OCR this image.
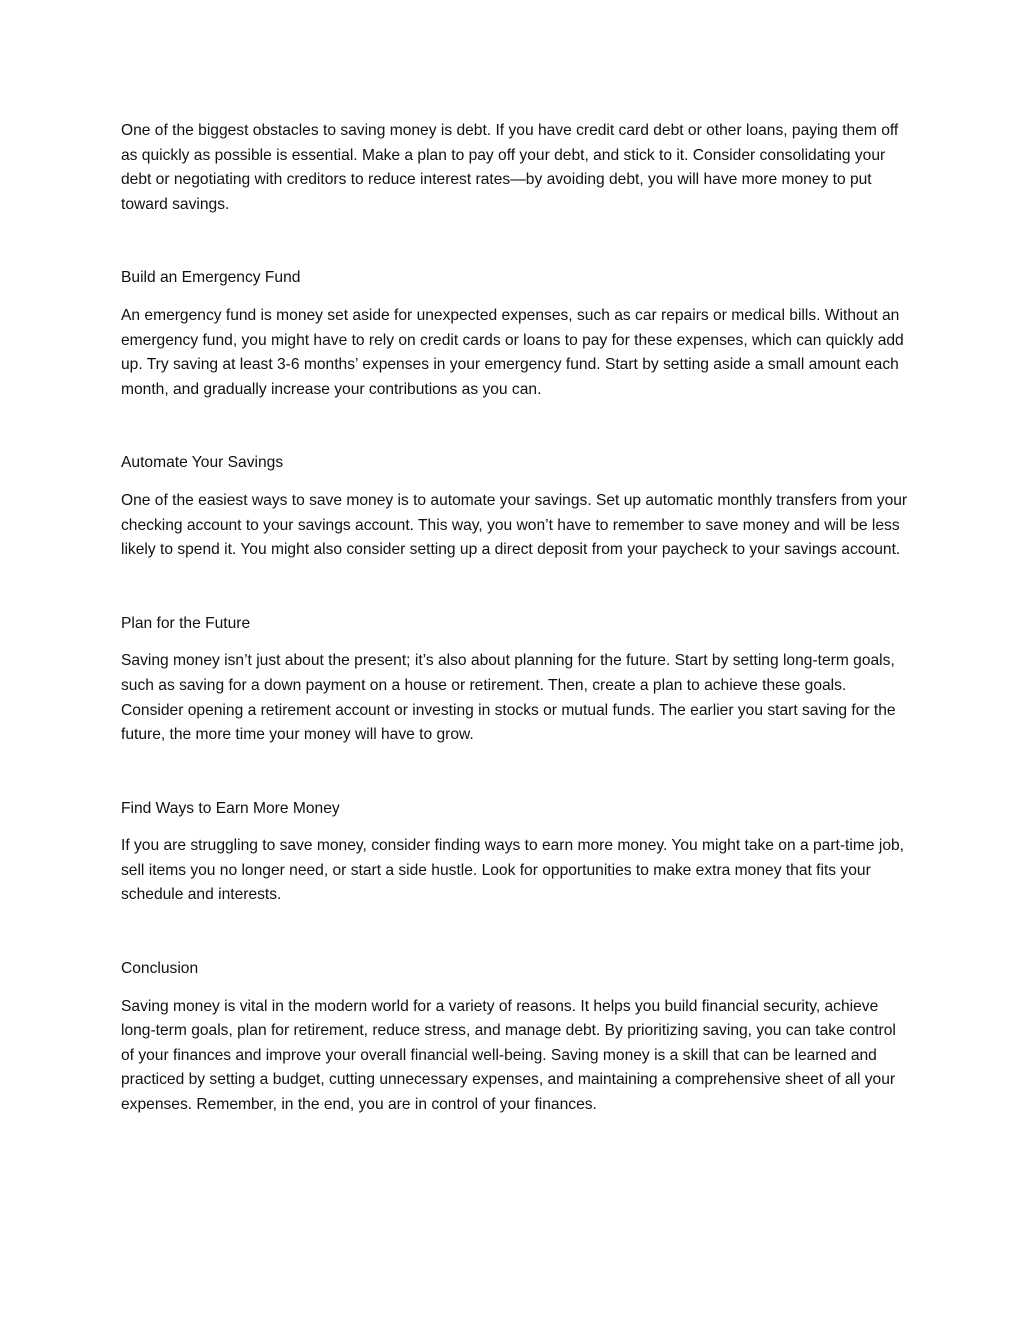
One of the biggest obstacles to saving money is debt. If you have credit card debt or other loans, paying them off as quickly as possible is essential. Make a plan to pay off your debt, and stick to it. Consider consolidating your debt or negotiating with creditors to reduce interest rates—by avoiding debt, you will have more money to put toward savings.

Build an Emergency Fund

An emergency fund is money set aside for unexpected expenses, such as car repairs or medical bills. Without an emergency fund, you might have to rely on credit cards or loans to pay for these expenses, which can quickly add up. Try saving at least 3-6 months’ expenses in your emergency fund. Start by setting aside a small amount each month, and gradually increase your contributions as you can.

Automate Your Savings

One of the easiest ways to save money is to automate your savings. Set up automatic monthly transfers from your checking account to your savings account. This way, you won’t have to remember to save money and will be less likely to spend it. You might also consider setting up a direct deposit from your paycheck to your savings account.

Plan for the Future

Saving money isn’t just about the present; it’s also about planning for the future. Start by setting long-term goals, such as saving for a down payment on a house or retirement. Then, create a plan to achieve these goals. Consider opening a retirement account or investing in stocks or mutual funds. The earlier you start saving for the future, the more time your money will have to grow.

Find Ways to Earn More Money

If you are struggling to save money, consider finding ways to earn more money. You might take on a part-time job, sell items you no longer need, or start a side hustle. Look for opportunities to make extra money that fits your schedule and interests.

Conclusion

Saving money is vital in the modern world for a variety of reasons. It helps you build financial security, achieve long-term goals, plan for retirement, reduce stress, and manage debt. By prioritizing saving, you can take control of your finances and improve your overall financial well-being. Saving money is a skill that can be learned and practiced by setting a budget, cutting unnecessary expenses, and maintaining a comprehensive sheet of all your expenses. Remember, in the end, you are in control of your finances.
